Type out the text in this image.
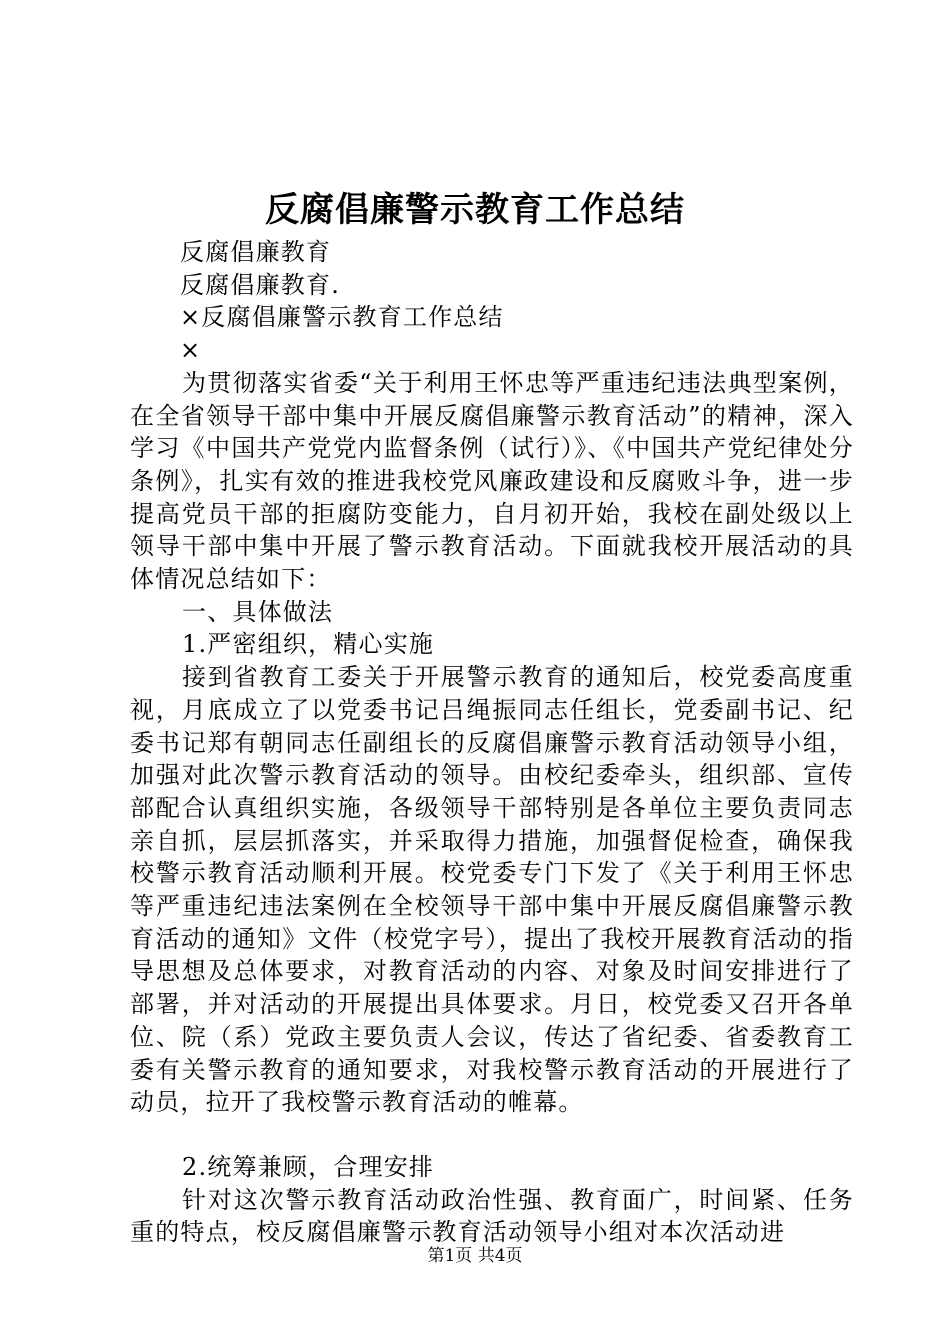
反腐倡廉警示教育工作总结
反腐倡廉教育
反腐倡廉教育.
×反腐倡廉警示教育工作总结
×

为贯彻落实省委“关于利用王怀忠等严重违纪违法典型案例，在全省领导干部中集中开展反腐倡廉警示教育活动”的精神，深入学习《中国共产党党内监督条例（试行）》、《中国共产党纪律处分条例》，扎实有效的推进我校党风廉政建设和反腐败斗争，进一步提高党员干部的拒腐防变能力，自月初开始，我校在副处级以上领导干部中集中开展了警示教育活动。下面就我校开展活动的具体情况总结如下：

一、具体做法
1.严密组织，精心实施

接到省教育工委关于开展警示教育的通知后，校党委高度重视，月底成立了以党委书记吕绳振同志任组长，党委副书记、纪委书记郑有朝同志任副组长的反腐倡廉警示教育活动领导小组，加强对此次警示教育活动的领导。由校纪委牵头，组织部、宣传部配合认真组织实施，各级领导干部特别是各单位主要负责同志亲自抓，层层抓落实，并采取得力措施，加强督促检查，确保我校警示教育活动顺利开展。校党委专门下发了《关于利用王怀忠等严重违纪违法案例在全校领导干部中集中开展反腐倡廉警示教育活动的通知》文件（校党字号），提出了我校开展教育活动的指导思想及总体要求，对教育活动的内容、对象及时间安排进行了部署，并对活动的开展提出具体要求。月日，校党委又召开各单位、院（系）党政主要负责人会议，传达了省纪委、省委教育工委有关警示教育的通知要求，对我校警示教育活动的开展进行了动员，拉开了我校警示教育活动的帷幕。

2.统筹兼顾，合理安排

针对这次警示教育活动政治性强、教育面广，时间紧、任务重的特点，校反腐倡廉警示教育活动领导小组对本次活动进

第1页 共4页
